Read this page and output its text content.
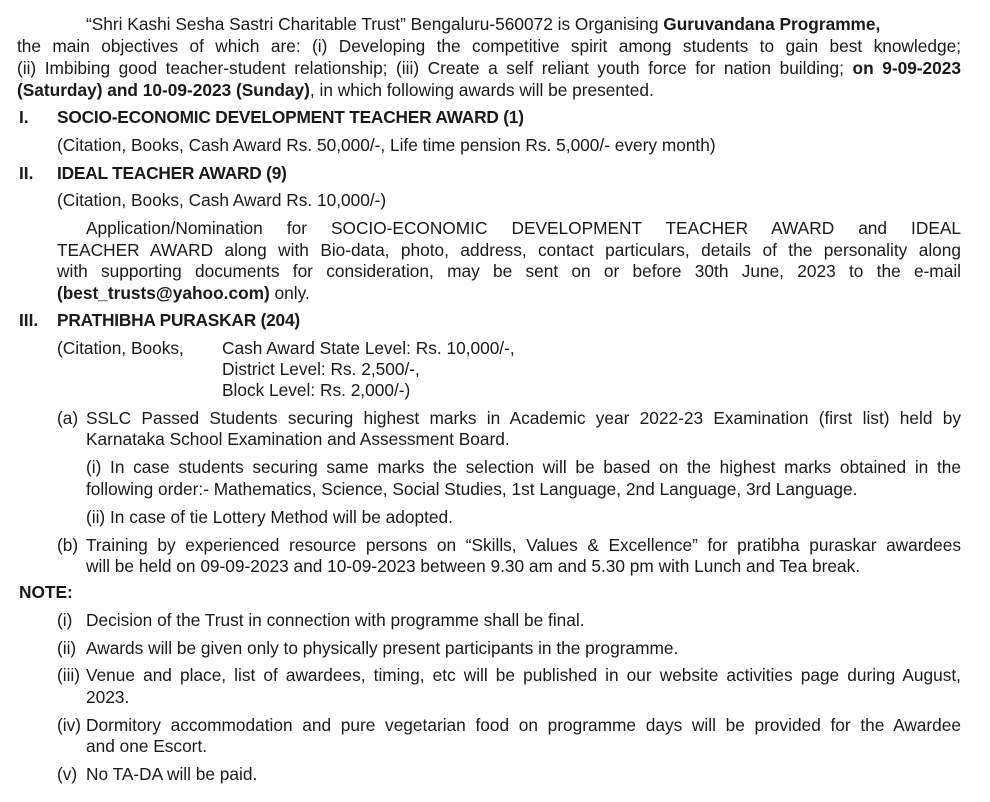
“Shri Kashi Sesha Sastri Charitable Trust” Bengaluru-560072 is Organising Guruvandana Programme,
the main objectives of which are: (i) Developing the competitive spirit among students to gain best knowledge;
(ii) Imbibing good teacher-student relationship; (iii) Create a self reliant youth force for nation building; on 9-09-2023
(Saturday) and 10-09-2023 (Sunday), in which following awards will be presented.
I. SOCIO-ECONOMIC DEVELOPMENT TEACHER AWARD (1)
(Citation, Books, Cash Award Rs. 50,000/-, Life time pension Rs. 5,000/- every month)
II. IDEAL TEACHER AWARD (9)
(Citation, Books, Cash Award Rs. 10,000/-)
Application/Nomination for SOCIO-ECONOMIC DEVELOPMENT TEACHER AWARD and IDEAL
TEACHER AWARD along with Bio-data, photo, address, contact particulars, details of the personality along
with supporting documents for consideration, may be sent on or before 30th June, 2023 to the e-mail
(best_trusts@yahoo.com) only.
III. PRATHIBHA PURASKAR (204)
(Citation, Books, Cash Award State Level: Rs. 10,000/-,
District Level: Rs. 2,500/-,
Block Level: Rs. 2,000/-)
(a) SSLC Passed Students securing highest marks in Academic year 2022-23 Examination (first list) held by
Karnataka School Examination and Assessment Board.
(i) In case students securing same marks the selection will be based on the highest marks obtained in the
following order:- Mathematics, Science, Social Studies, 1st Language, 2nd Language, 3rd Language.
(ii) In case of tie Lottery Method will be adopted.
(b) Training by experienced resource persons on “Skills, Values & Excellence” for pratibha puraskar awardees
will be held on 09-09-2023 and 10-09-2023 between 9.30 am and 5.30 pm with Lunch and Tea break.
NOTE:
(i) Decision of the Trust in connection with programme shall be final.
(ii) Awards will be given only to physically present participants in the programme.
(iii) Venue and place, list of awardees, timing, etc will be published in our website activities page during August,
2023.
(iv) Dormitory accommodation and pure vegetarian food on programme days will be provided for the Awardee
and one Escort.
(v) No TA-DA will be paid.
